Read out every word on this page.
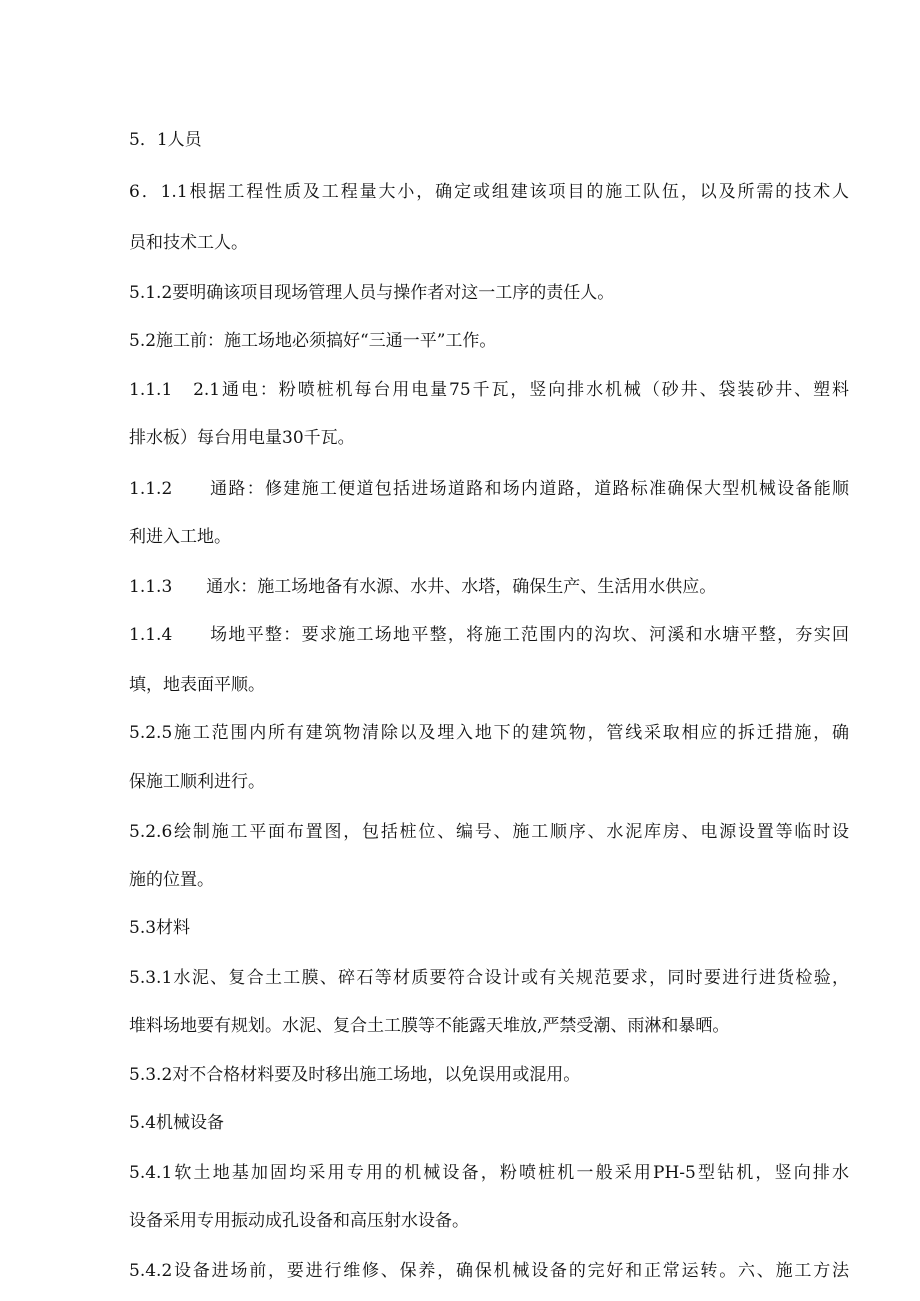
5．1人员
6．1.1根据工程性质及工程量大小，确定或组建该项目的施工队伍，以及所需的技术人
员和技术工人。
5.1.2要明确该项目现场管理人员与操作者对这一工序的责任人。
5.2施工前：施工场地必须搞好“三通一平”工作。
1.1.1　2.1通电：粉喷桩机每台用电量75千瓦，竖向排水机械（砂井、袋装砂井、塑料
排水板）每台用电量30千瓦。
1.1.2　　通路：修建施工便道包括进场道路和场内道路，道路标准确保大型机械设备能顺
利进入工地。
1.1.3　　通水：施工场地备有水源、水井、水塔，确保生产、生活用水供应。
1.1.4　　场地平整：要求施工场地平整，将施工范围内的沟坎、河溪和水塘平整，夯实回
填，地表面平顺。
5.2.5施工范围内所有建筑物清除以及埋入地下的建筑物，管线采取相应的拆迁措施，确
保施工顺利进行。
5.2.6绘制施工平面布置图，包括桩位、编号、施工顺序、水泥库房、电源设置等临时设
施的位置。
5.3材料
5.3.1水泥、复合土工膜、碎石等材质要符合设计或有关规范要求，同时要进行进货检验，
堆料场地要有规划。水泥、复合土工膜等不能露天堆放,严禁受潮、雨淋和暴晒。
5.3.2对不合格材料要及时移出施工场地，以免误用或混用。
5.4机械设备
5.4.1软土地基加固均采用专用的机械设备，粉喷桩机一般采用PH-5型钻机，竖向排水
设备采用专用振动成孔设备和高压射水设备。
5.4.2设备进场前，要进行维修、保养，确保机械设备的完好和正常运转。六、施工方法
